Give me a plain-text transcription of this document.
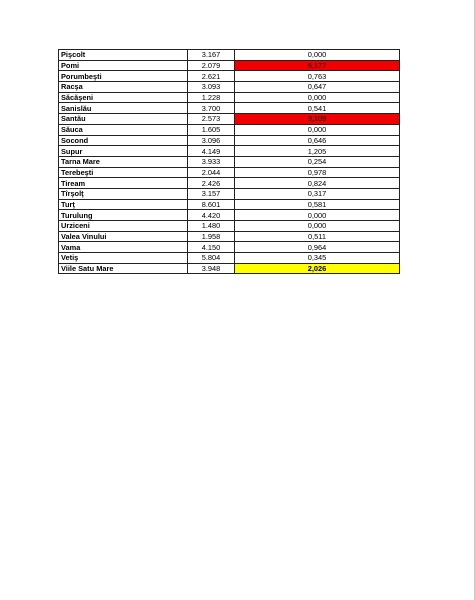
Pişcolt	3.167	0,000
Pomi	2.079	6,177
Porumbeşti	2.621	0,763
Racşa	3.093	0,647
Săcăşeni	1.228	0,000
Sanislău	3.700	0,541
Santău	2.573	3,109
Săuca	1.605	0,000
Socond	3.096	0,646
Supur	4.149	1,205
Tarna Mare	3.933	0,254
Terebeşti	2.044	0,978
Tiream	2.426	0,824
Tîrşolţ	3.157	0,317
Turţ	8.601	0,581
Turulung	4.420	0,000
Urziceni	1.480	0,000
Valea Vinului	1.958	0,511
Vama	4.150	0,964
Vetiş	5.804	0,345
Viile Satu Mare	3.948	2,026
